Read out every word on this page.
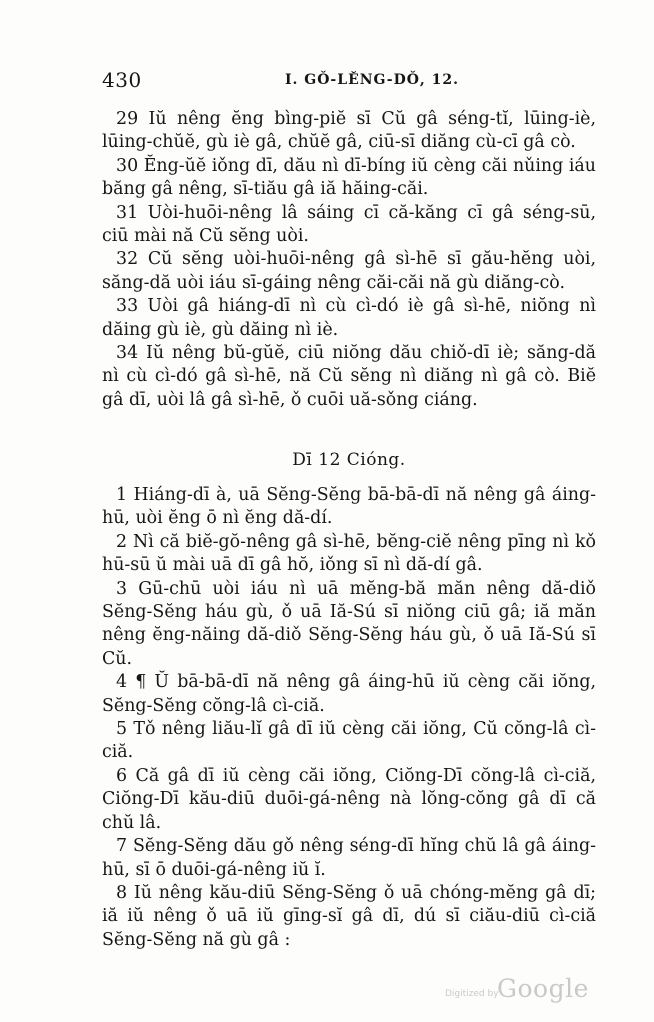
430	I. GǑ-LĔNG-DǑ, 12.

29 Iŭ nêng ĕng bìng-piĕ sī Cŭ gâ séng-tĭ, lūing-iè, lūing-chŭĕ, gù iè gâ, chŭĕ gâ, ciū-sī diăng cù-cī gâ cò.

30 Ĕng-ŭĕ iǒng dī, dău nì dī-bíng iŭ cèng căi nǔing iáu băng gâ nêng, sī-tiău gâ iă hăing-căi.

31 Uòi-huōi-nêng lâ sáing cī că-kăng cī gâ séng-sū, ciū mài nă Cŭ sĕng uòi.

32 Cŭ sĕng uòi-huōi-nêng gâ sì-hē sī gău-hĕng uòi, săng-dă uòi iáu sī-gáing nêng căi-căi nă gù diăng-cò.

33 Uòi gâ hiáng-dī nì cù cì-dó iè gâ sì-hē, niŏng nì dăing gù iè, gù dăing nì iè.

34 Iŭ nêng bŭ-gŭĕ, ciū niŏng dău chiǒ-dī iè; săng-dă nì cù cì-dó gâ sì-hē, nă Cŭ sĕng nì diăng nì gâ cò. Biĕ gâ dī, uòi lâ gâ sì-hē, ǒ cuōi uă-sǒng ciáng.

Dī 12 Cióng.

1 Hiáng-dī à, uā Sĕng-Sĕng bā-bā-dī nă nêng gâ áing-hū, uòi ĕng ō nì ĕng dă-dí.

2 Nì că biĕ-gŏ-nêng gâ sì-hē, bĕng-ciĕ nêng pīng nì kǒ hū-sū ŭ mài uā dī gâ hŏ, iǒng sī nì dă-dí gâ.

3 Gū-chū uòi iáu nì uā mĕng-bă măn nêng dă-diǒ Sĕng-Sĕng háu gù, ǒ uā Iă-Sú sī niŏng ciū gâ; iă măn nêng ĕng-năing dă-diǒ Sĕng-Sĕng háu gù, ǒ uā Iă-Sú sī Cŭ.

4 ¶ Ŭ bā-bā-dī nă nêng gâ áing-hū iŭ cèng căi iŏng, Sĕng-Sĕng cŏng-lâ cì-ciă.

5 Tǒ nêng liău-lĭ gâ dī iŭ cèng căi iŏng, Cŭ cŏng-lâ cì-ciă.

6 Că gâ dī iŭ cèng căi iŏng, Ciŏng-Dī cŏng-lâ cì-ciă, Ciŏng-Dī kău-diū duōi-gá-nêng nà lŏng-cŏng gâ dī că chŭ lâ.

7 Sĕng-Sĕng dău gǒ nêng séng-dī hĭng chŭ lâ gâ áing-hū, sī ō duōi-gá-nêng iŭ ĭ.

8 Iŭ nêng kău-diū Sĕng-Sĕng ǒ uā chóng-mĕng gâ dī; iă iŭ nêng ǒ uā iŭ gīng-sĭ gâ dī, dú sī ciău-diū cì-ciă Sĕng-Sĕng nă gù gâ :

Digitized by
Google
